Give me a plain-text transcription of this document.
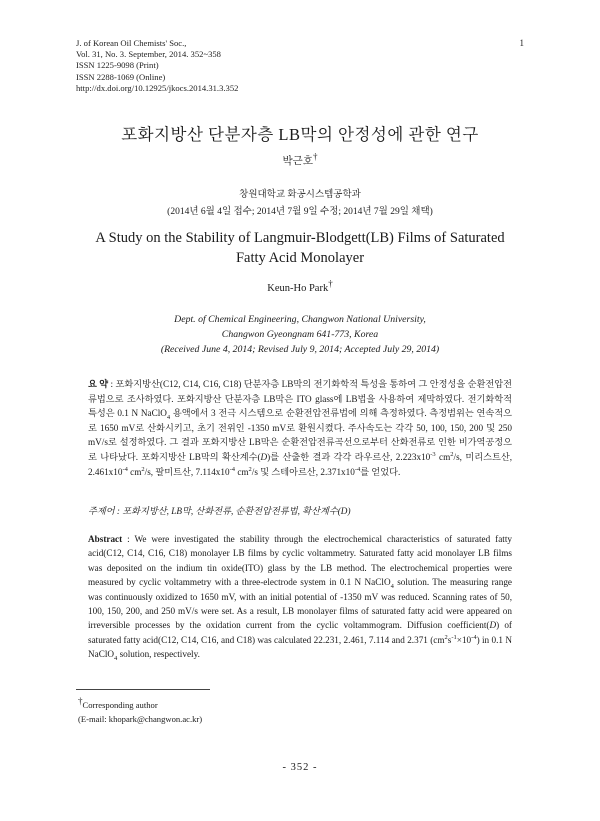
J. of Korean Oil Chemists' Soc.,
Vol. 31, No. 3. September, 2014. 352~358
ISSN 1225-9098 (Print)
ISSN 2288-1069 (Online)
http://dx.doi.org/10.12925/jkocs.2014.31.3.352
1
포화지방산 단분자층 LB막의 안정성에 관한 연구
박근호†
창원대학교 화공시스템공학과
(2014년 6월 4일 접수; 2014년 7월 9일 수정; 2014년 7월 29일 채택)
A Study on the Stability of Langmuir-Blodgett(LB) Films of Saturated Fatty Acid Monolayer
Keun-Ho Park†
Dept. of Chemical Engineering, Changwon National University,
Changwon Gyeongnam 641-773, Korea
(Received June 4, 2014; Revised July 9, 2014; Accepted July 29, 2014)
요 약 : 포화지방산(C12, C14, C16, C18) 단분자층 LB막의 전기화학적 특성을 통하여 그 안정성을 순환전압전류법으로 조사하였다. 포화지방산 단분자층 LB막은 ITO glass에 LB법을 사용하여 제막하였다. 전기화학적 특성은 0.1 N NaClO$_4$ 용액에서 3 전극 시스템으로 순환전압전류법에 의해 측정하였다. 측정범위는 연속적으로 1650 mV로 산화시키고, 초기 전위인 -1350 mV로 환원시켰다. 주사속도는 각각 50, 100, 150, 200 및 250 mV/s로 설정하였다. 그 결과 포화지방산 LB막은 순환전압전류곡선으로부터 산화전류로 인한 비가역공정으로 나타났다. 포화지방산 LB막의 확산계수(D)를 산출한 결과 각각 라우르산, $2.223x10^{-3}$ $cm^2/s$, 미리스트산, $2.461x10^{-4}$ $cm^2/s$, 팔미트산, $7.114x10^{-4}$ $cm^2/s$ 및 스테아르산, $2.371x10^{-4}$를 얻었다.
주제어 : 포화지방산, LB막, 산화전류, 순환전압전류법, 확산계수(D)
Abstract : We were investigated the stability through the electrochemical characteristics of saturated fatty acid(C12, C14, C16, C18) monolayer LB films by cyclic voltammetry. Saturated fatty acid monolayer LB films was deposited on the indium tin oxide(ITO) glass by the LB method. The electrochemical properties were measured by cyclic voltammetry with a three-electrode system in 0.1 N NaClO$_4$ solution. The measuring range was continuously oxidized to 1650 mV, with an initial potential of -1350 mV was reduced. Scanning rates of 50, 100, 150, 200, and 250 mV/s were set. As a result, LB monolayer films of saturated fatty acid were appeared on irreversible processes by the oxidation current from the cyclic voltammogram. Diffusion coefficient(D) of saturated fatty acid(C12, C14, C16, and C18) was calculated 22.231, 2.461, 7.114 and 2.371 $(cm^2s^{-1}\times 10^{-4})$ in 0.1 N NaClO$_4$ solution, respectively.
†Corresponding author
(E-mail: khopark@changwon.ac.kr)
- 352 -
